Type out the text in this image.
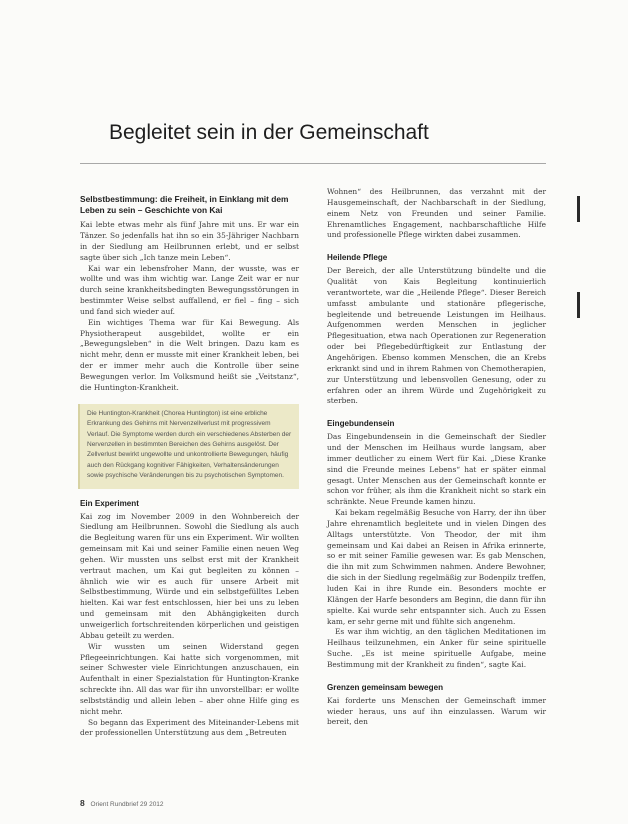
Begleitet sein in der Gemeinschaft
Selbstbestimmung: die Freiheit, in Einklang mit dem Leben zu sein – Geschichte von Kai

Kai lebte etwas mehr als fünf Jahre mit uns. Er war ein Tänzer. So jedenfalls hat ihn so ein 35-Jähriger Nachbarn in der Siedlung am Heilbrunnen erlebt, und er selbst sagte über sich „Ich tanze mein Leben“.

Kai war ein lebensfroher Mann, der wusste, was er wollte und was ihm wichtig war. Lange Zeit war er nur durch seine krankheitsbedingten Bewegungsstörungen in bestimmter Weise selbst auffallend, er fiel – fing – sich und fand sich wieder auf.

Ein wichtiges Thema war für Kai Bewegung. Als Physiotherapeut ausgebildet, wollte er ein „Bewegungsleben“ in die Welt bringen. Dazu kam es nicht mehr, denn er musste mit einer Krankheit leben, bei der er immer mehr auch die Kontrolle über seine Bewegungen verlor. Im Volksmund heißt sie „Veitstanz“, die Huntington-Krankheit.

Die Huntington-Krankheit (Chorea Huntington) ist eine erbliche Erkrankung des Gehirns mit Nervenzellverlust mit progressivem Verlauf. Die Symptome werden durch ein verschiedenes Absterben der Nervenzellen in bestimmten Bereichen des Gehirns ausgelöst. Der Zellverlust bewirkt ungewollte und unkontrollierte Bewegungen, häufig auch den Rückgang kognitiver Fähigkeiten, Verhaltensänderungen sowie psychische Veränderungen bis zu psychotischen Symptomen.

Ein Experiment

Kai zog im November 2009 in den Wohnbereich der Siedlung am Heilbrunnen. Sowohl die Siedlung als auch die Begleitung waren für uns ein Experiment. Wir wollten gemeinsam mit Kai und seiner Familie einen neuen Weg gehen. Wir mussten uns selbst erst mit der Krankheit vertraut machen, um Kai gut begleiten zu können – ähnlich wie wir es auch für unsere Arbeit mit Selbstbestimmung, Würde und ein selbstgefülltes Leben hielten. Kai war fest entschlossen, hier bei uns zu leben und gemeinsam mit den Abhängigkeiten durch unweigerlich fortschreitenden körperlichen und geistigen Abbau geteilt zu werden.

Wir wussten um seinen Widerstand gegen Pflegeeinrichtungen. Kai hatte sich vorgenommen, mit seiner Schwester viele Einrichtungen anzuschauen, ein Aufenthalt in einer Spezialstation für Huntington-Kranke schreckte ihn. All das war für ihn unvorstellbar: er wollte selbstständig und allein leben – aber ohne Hilfe ging es nicht mehr.

So begann das Experiment des Miteinander-Lebens mit der professionellen Unterstützung aus dem „Betreuten

Wohnen“ des Heilbrunnen, das verzahnt mit der Hausgemeinschaft, der Nachbarschaft in der Siedlung, einem Netz von Freunden und seiner Familie. Ehrenamtliches Engagement, nachbarschaftliche Hilfe und professionelle Pflege wirkten dabei zusammen.

Heilende Pflege

Der Bereich, der alle Unterstützung bündelte und die Qualität von Kais Begleitung kontinuierlich verantwortete, war die „Heilende Pflege“. Dieser Bereich umfasst ambulante und stationäre pflegerische, begleitende und betreuende Leistungen im Heilhaus. Aufgenommen werden Menschen in jeglicher Pflegesituation, etwa nach Operationen zur Regeneration oder bei Pflegebedürftigkeit zur Entlastung der Angehörigen. Ebenso kommen Menschen, die an Krebs erkrankt sind und in ihrem Rahmen von Chemotherapien, zur Unterstützung und lebensvollen Genesung, oder zu erfahren oder an ihrem Würde und Zugehörigkeit zu sterben.

Eingebundensein

Das Eingebundensein in die Gemeinschaft der Siedler und der Menschen im Heilhaus wurde langsam, aber immer deutlicher zu einem Wert für Kai. „Diese Kranke sind die Freunde meines Lebens“ hat er später einmal gesagt. Unter Menschen aus der Gemeinschaft konnte er schon vor früher, als ihm die Krankheit nicht so stark ein schränkte. Neue Freunde kamen hinzu.

Kai bekam regelmäßig Besuche von Harry, der ihn über Jahre ehrenamtlich begleitete und in vielen Dingen des Alltags unterstützte. Von Theodor, der mit ihm gemeinsam und Kai dabei an Reisen in Afrika erinnerte, so er mit seiner Familie gewesen war. Es gab Menschen, die ihn mit zum Schwimmen nahmen. Andere Bewohner, die sich in der Siedlung regelmäßig zur Bodenpilz treffen, luden Kai in ihre Runde ein. Besonders mochte er Klängen der Harfe besonders am Beginn, die dann für ihn spielte. Kai wurde sehr entspannter sich. Auch zu Essen kam, er sehr gerne mit und fühlte sich angenehm.

Es war ihm wichtig, an den täglichen Meditationen im Heilhaus teilzunehmen, ein Anker für seine spirituelle Suche. „Es ist meine spirituelle Aufgabe, meine Bestimmung mit der Krankheit zu finden“, sagte Kai.

Grenzen gemeinsam bewegen

Kai forderte uns Menschen der Gemeinschaft immer wieder heraus, uns auf ihn einzulassen. Warum wir bereit, den

8 Orient Rundbrief 29 2012
